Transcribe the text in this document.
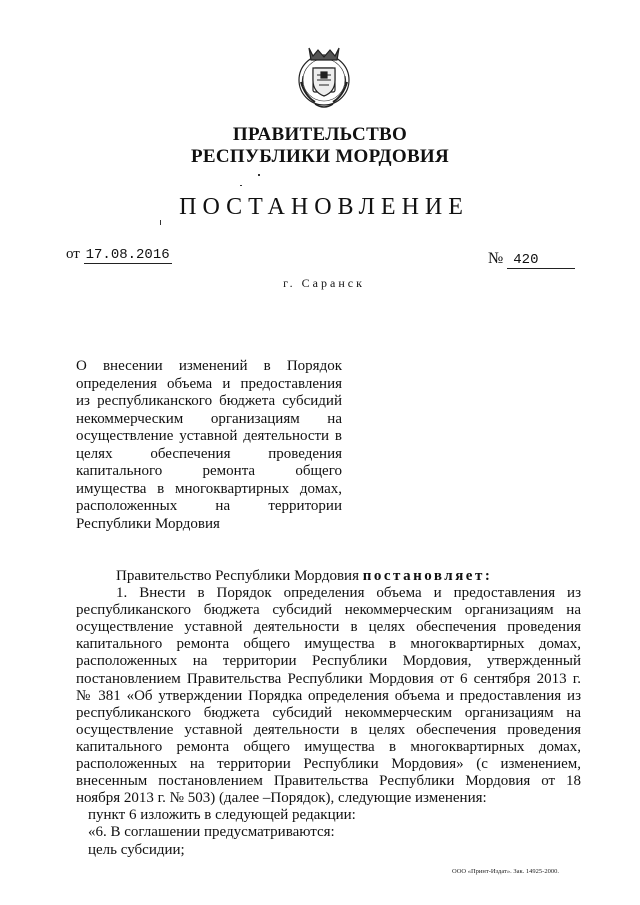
ПРАВИТЕЛЬСТВО
РЕСПУБЛИКИ МОРДОВИЯ
ПОСТАНОВЛЕНИЕ
от 17.08.2016	№ 420
г. Саранск
О внесении изменений в Порядок
определения объема и предоставления
из республиканского бюджета субсидий
некоммерческим организациям на
осуществление уставной деятельности в
целях обеспечения проведения
капитального ремонта общего
имущества в многоквартирных домах,
расположенных на территории
Республики Мордовия
Правительство Республики Мордовия постановляет:
1. Внести в Порядок определения объема и предоставления из
республиканского бюджета субсидий некоммерческим организациям на
осуществление уставной деятельности в целях обеспечения проведения
капитального ремонта общего имущества в многоквартирных домах,
расположенных на территории Республики Мордовия, утвержденный
постановлением Правительства Республики Мордовия от 6 сентября 2013 г.
№ 381 «Об утверждении Порядка определения объема и предоставления из
республиканского бюджета субсидий некоммерческим организациям на
осуществление уставной деятельности в целях обеспечения проведения
капитального ремонта общего имущества в многоквартирных домах,
расположенных на территории Республики Мордовия» (с изменением,
внесенным постановлением Правительства Республики Мордовия от 18
ноября 2013 г. № 503) (далее –Порядок), следующие изменения:
пункт 6 изложить в следующей редакции:
«6. В соглашении предусматриваются:
цель субсидии;
ООО «Принт-Издат». Зак. 14925-2000.
